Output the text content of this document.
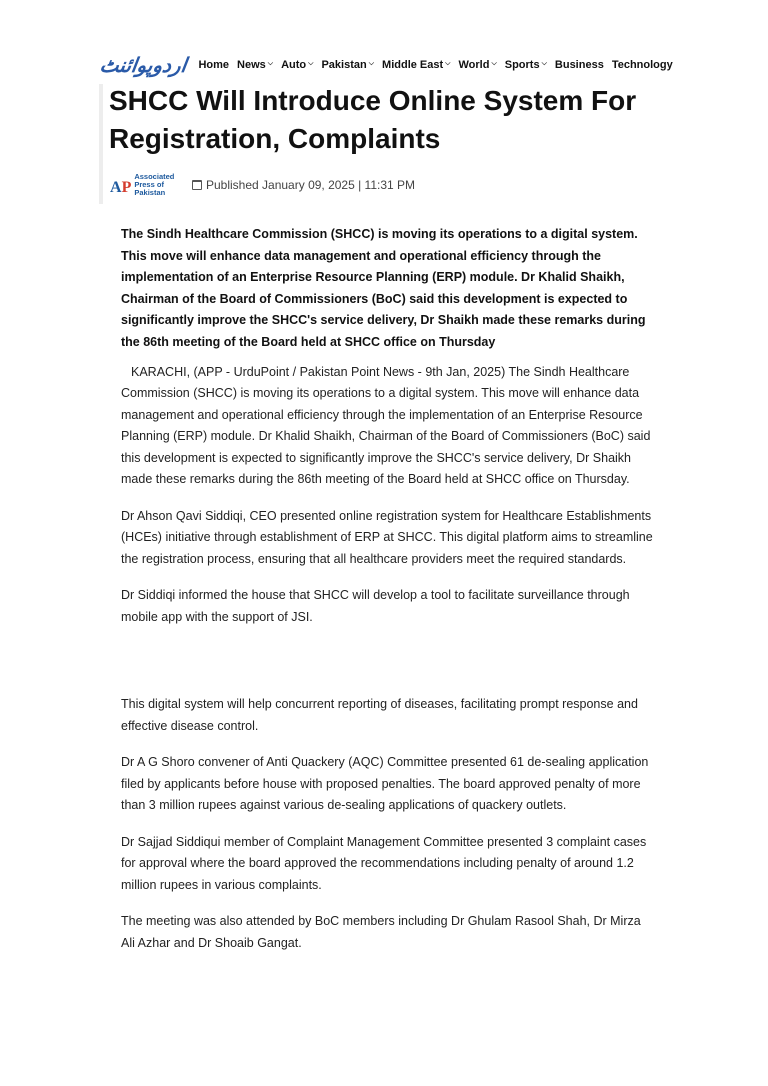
اردوپوائنٹ Home News ⌵ Auto ⌵ Pakistan ⌵ Middle East ⌵ World ⌵ Sports ⌵ Business Technology
SHCC Will Introduce Online System For Registration, Complaints
AP
Associated Press of Pakistan
Published January 09, 2025 | 11:31 PM

The Sindh Healthcare Commission (SHCC) is moving its operations to a digital system. This move will enhance data management and operational efficiency through the implementation of an Enterprise Resource Planning (ERP) module. Dr Khalid Shaikh, Chairman of the Board of Commissioners (BoC) said this development is expected to significantly improve the SHCC's service delivery, Dr Shaikh made these remarks during the 86th meeting of the Board held at SHCC office on Thursday

KARACHI, (APP - UrduPoint / Pakistan Point News - 9th Jan, 2025) The Sindh Healthcare Commission (SHCC) is moving its operations to a digital system. This move will enhance data management and operational efficiency through the implementation of an Enterprise Resource Planning (ERP) module. Dr Khalid Shaikh, Chairman of the Board of Commissioners (BoC) said this development is expected to significantly improve the SHCC's service delivery, Dr Shaikh made these remarks during the 86th meeting of the Board held at SHCC office on Thursday.

Dr Ahson Qavi Siddiqi, CEO presented online registration system for Healthcare Establishments (HCEs) initiative through establishment of ERP at SHCC. This digital platform aims to streamline the registration process, ensuring that all healthcare providers meet the required standards.

Dr Siddiqi informed the house that SHCC will develop a tool to facilitate surveillance through mobile app with the support of JSI.

This digital system will help concurrent reporting of diseases, facilitating prompt response and effective disease control.

Dr A G Shoro convener of Anti Quackery (AQC) Committee presented 61 de-sealing application filed by applicants before house with proposed penalties. The board approved penalty of more than 3 million rupees against various de-sealing applications of quackery outlets.

Dr Sajjad Siddiqui member of Complaint Management Committee presented 3 complaint cases for approval where the board approved the recommendations including penalty of around 1.2 million rupees in various complaints.

The meeting was also attended by BoC members including Dr Ghulam Rasool Shah, Dr Mirza Ali Azhar and Dr Shoaib Gangat.
